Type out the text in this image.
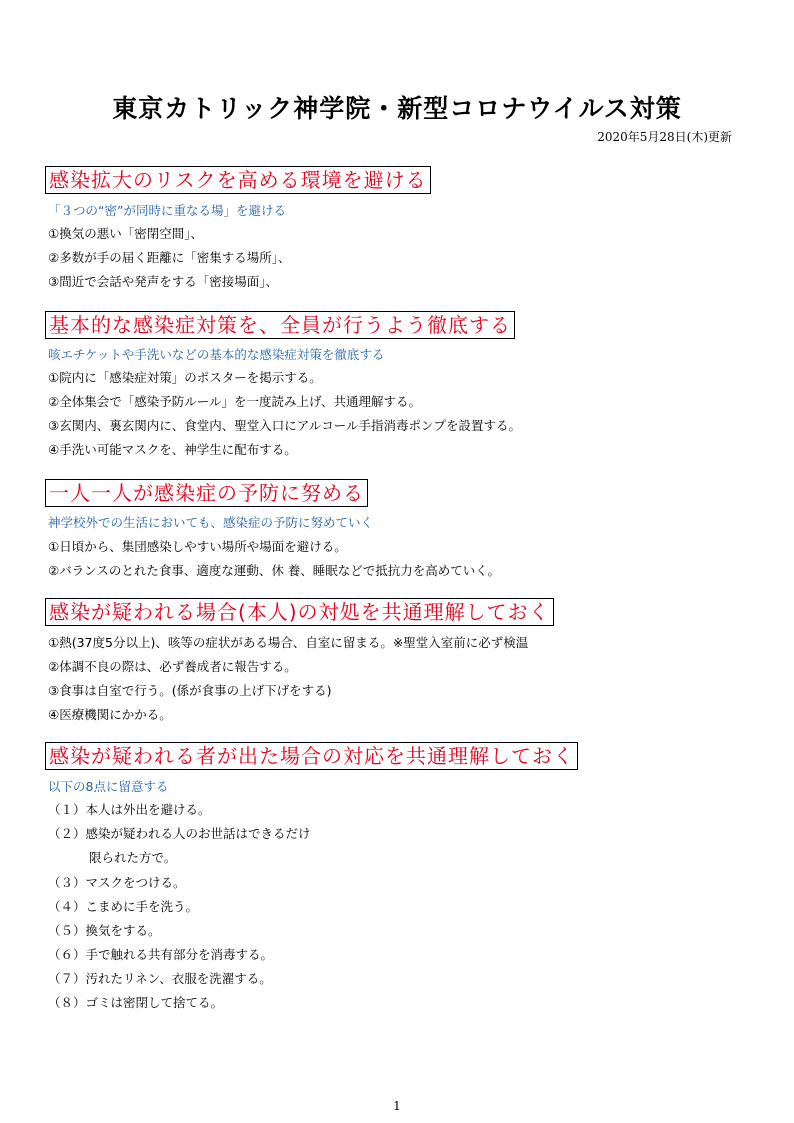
東京カトリック神学院・新型コロナウイルス対策
2020年5月28日(木)更新
感染拡大のリスクを高める環境を避ける
「３つの“密”が同時に重なる場」を避ける
①換気の悪い「密閉空間」、
②多数が手の届く距離に「密集する場所」、
③間近で会話や発声をする「密接場面」、
基本的な感染症対策を、全員が行うよう徹底する
咳エチケットや手洗いなどの基本的な感染症対策を徹底する
①院内に「感染症対策」のポスターを掲示する。
②全体集会で「感染予防ルール」を一度読み上げ、共通理解する。
③玄関内、裏玄関内に、食堂内、聖堂入口にアルコール手指消毒ポンプを設置する。
④手洗い可能マスクを、神学生に配布する。
一人一人が感染症の予防に努める
神学校外での生活においても、感染症の予防に努めていく
①日頃から、集団感染しやすい場所や場面を避ける。
②バランスのとれた食事、適度な運動、休 養、睡眠などで抵抗力を高めていく。
感染が疑われる場合(本人)の対処を共通理解しておく
①熱(37度5分以上)、咳等の症状がある場合、自室に留まる。※聖堂入室前に必ず検温
②体調不良の際は、必ず養成者に報告する。
③食事は自室で行う。(係が食事の上げ下げをする)
④医療機関にかかる。
感染が疑われる者が出た場合の対応を共通理解しておく
以下の8点に留意する
（１）本人は外出を避ける。
（２）感染が疑われる人のお世話はできるだけ
限られた方で。
（３）マスクをつける。
（４）こまめに手を洗う。
（５）換気をする。
（６）手で触れる共有部分を消毒する。
（７）汚れたリネン、衣服を洗濯する。
（８）ゴミは密閉して捨てる。
1
